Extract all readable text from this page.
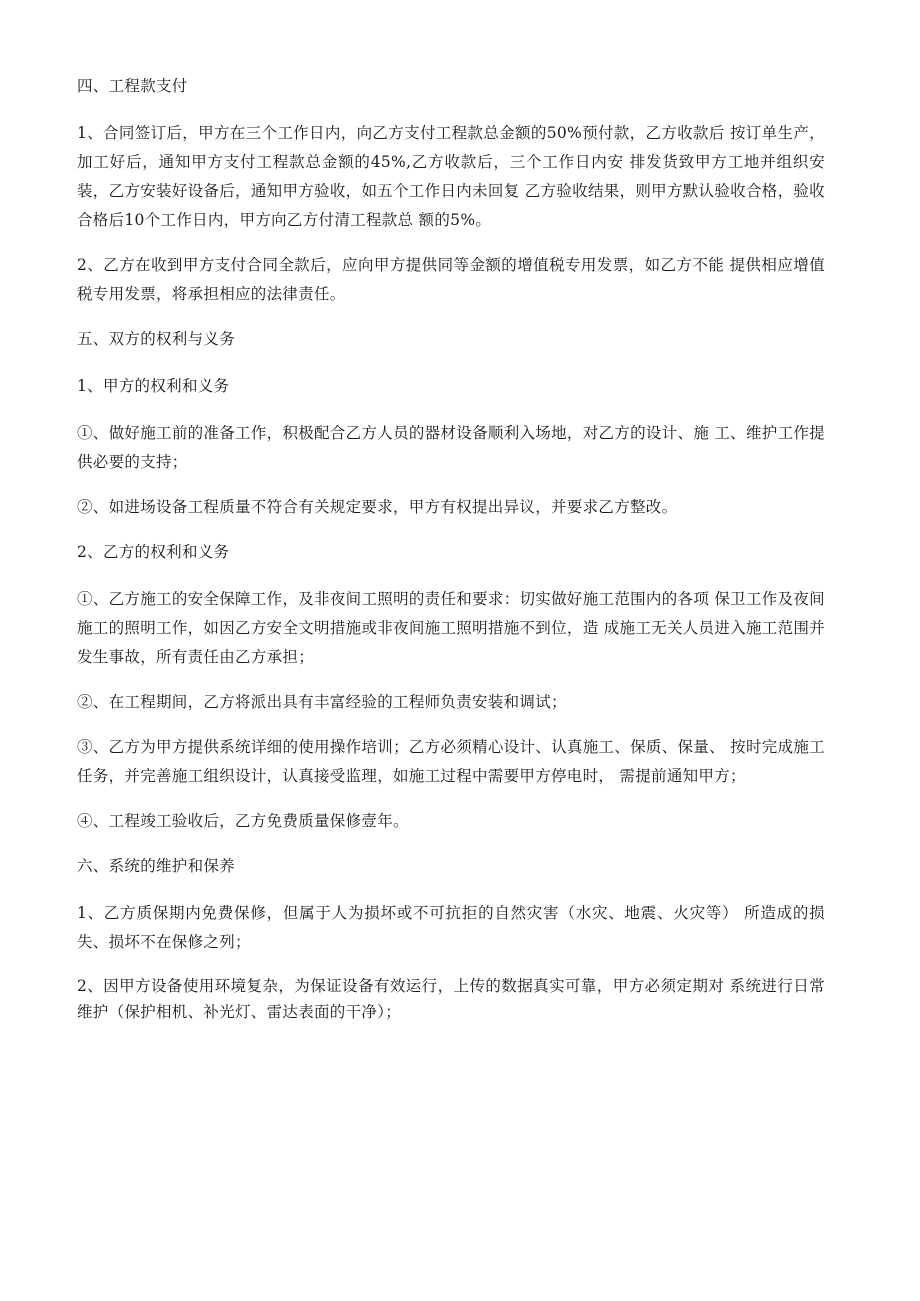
四、工程款支付

1、合同签订后，甲方在三个工作日内，向乙方支付工程款总金额的50%预付款，乙方收款后 按订单生产，加工好后，通知甲方支付工程款总金额的45%,乙方收款后，三个工作日内安 排发货致甲方工地并组织安装，乙方安装好设备后，通知甲方验收，如五个工作日内未回复 乙方验收结果，则甲方默认验收合格，验收合格后10个工作日内，甲方向乙方付清工程款总 额的5%。

2、乙方在收到甲方支付合同全款后，应向甲方提供同等金额的增值税专用发票，如乙方不能 提供相应增值税专用发票，将承担相应的法律责任。

五、双方的权利与义务

1、甲方的权利和义务

①、做好施工前的准备工作，积极配合乙方人员的器材设备顺利入场地，对乙方的设计、施 工、维护工作提供必要的支持；

②、如进场设备工程质量不符合有关规定要求，甲方有权提出异议，并要求乙方整改。

2、乙方的权利和义务

①、乙方施工的安全保障工作，及非夜间工照明的责任和要求：切实做好施工范围内的各项 保卫工作及夜间施工的照明工作，如因乙方安全文明措施或非夜间施工照明措施不到位，造 成施工无关人员进入施工范围并发生事故，所有责任由乙方承担；

②、在工程期间，乙方将派出具有丰富经验的工程师负责安装和调试；

③、乙方为甲方提供系统详细的使用操作培训；乙方必须精心设计、认真施工、保质、保量、 按时完成施工任务，并完善施工组织设计，认真接受监理，如施工过程中需要甲方停电时， 需提前通知甲方；

④、工程竣工验收后，乙方免费质量保修壹年。

六、系统的维护和保养

1、乙方质保期内免费保修，但属于人为损坏或不可抗拒的自然灾害（水灾、地震、火灾等） 所造成的损失、损坏不在保修之列；

2、因甲方设备使用环境复杂，为保证设备有效运行，上传的数据真实可靠，甲方必须定期对 系统进行日常维护（保护相机、补光灯、雷达表面的干净）；
